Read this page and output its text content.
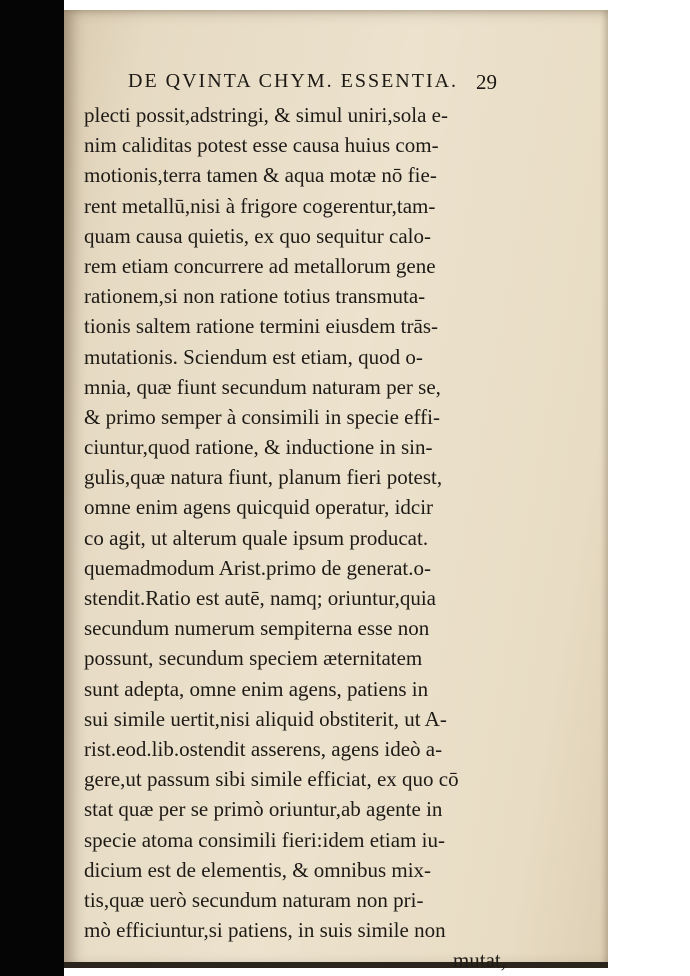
DE QVINTA CHYM. ESSENTIA. 29
plecti possit,adstringi, & simul uniri,sola e-
nim caliditas potest esse causa huius com-
motionis,terra tamen & aqua motæ nō fie-
rent metallū,nisi à frigore cogerentur,tam-
quam causa quietis, ex quo sequitur calo-
rem etiam concurrere ad metallorum gene
rationem,si non ratione totius transmuta-
tionis saltem ratione termini eiusdem trās-
mutationis. Sciendum est etiam, quod o-
mnia, quæ fiunt secundum naturam per se,
& primo semper à consimili in specie effi-
ciuntur,quod ratione, & inductione in sin-
gulis,quæ natura fiunt, planum fieri potest,
omne enim agens quicquid operatur, idcir
co agit, ut alterum quale ipsum producat.
quemadmodum Arist.primo de generat.o-
stendit.Ratio est autē, namq; oriuntur,quia
secundum numerum sempiterna esse non
possunt, secundum speciem æternitatem
sunt adepta, omne enim agens, patiens in
sui simile uertit,nisi aliquid obstiterit, ut A-
rist.eod.lib.ostendit asserens, agens ideò a-
gere,ut passum sibi simile efficiat, ex quo cō
stat quæ per se primò oriuntur,ab agente in
specie atoma consimili fieri:idem etiam iu-
dicium est de elementis, & omnibus mix-
tis,quæ uerò secundum naturam non pri-
mò efficiuntur,si patiens, in suis simile non
mutat,
